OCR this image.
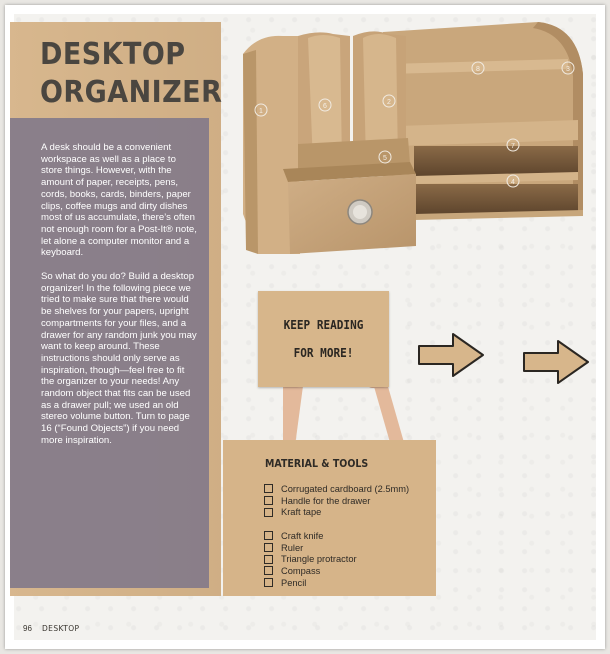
DESKTOP
ORGANIZER

A desk should be a convenient workspace as well as a place to store things. However, with the amount of paper, receipts, pens, cords, books, cards, binders, paper clips, coffee mugs and dirty dishes most of us accumulate, there’s often not enough room for a Post-It® note, let alone a computer monitor and a keyboard.

So what do you do? Build a desktop organizer! In the following piece we tried to make sure that there would be shelves for your papers, upright compartments for your files, and a drawer for any random junk you may want to keep around. These instructions should only serve as inspiration, though—feel free to fit the organizer to your needs! Any random object that fits can be used as a drawer pull; we used an old stereo volume button. Turn to page 16 (“Found Objects”) if you need more inspiration.

1
6
2
5
8	3
7
4
KEEP READING
FOR MORE!
MATERIAL & TOOLS
Corrugated cardboard (2.5mm)
Handle for the drawer
Kraft tape
Craft knife
Ruler
Triangle protractor
Compass
Pencil
96 DESKTOP
